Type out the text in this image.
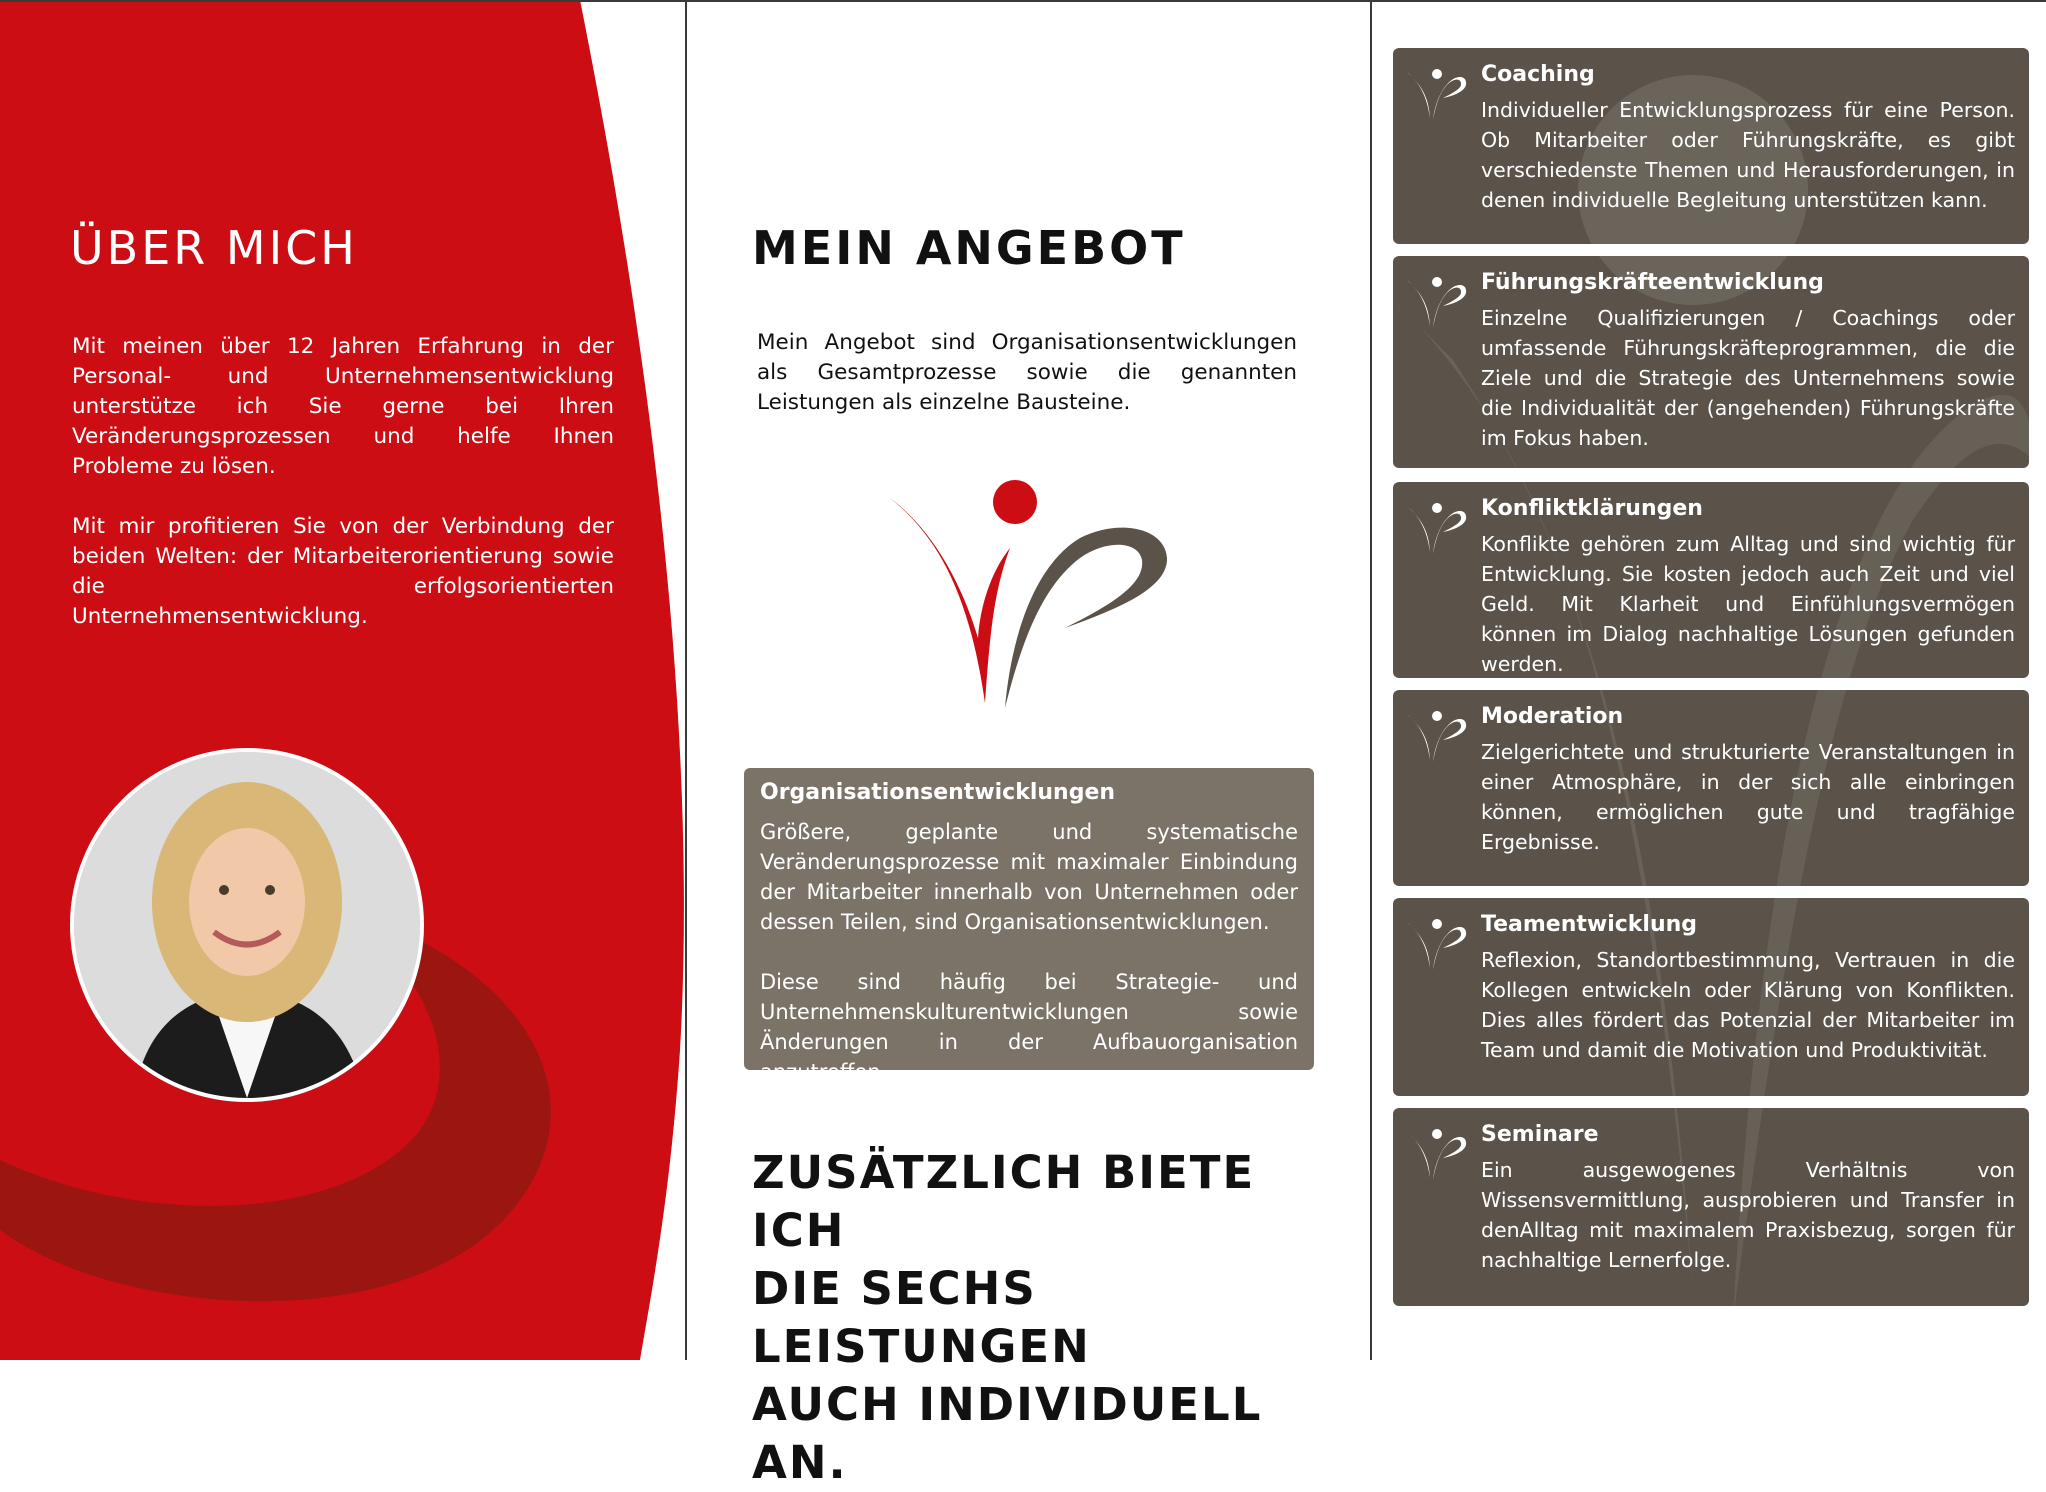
ÜBER MICH

Mit meinen über 12 Jahren Erfahrung in der Personal- und Unternehmensentwicklung unterstütze ich Sie gerne bei Ihren Veränderungsprozessen und helfe Ihnen Probleme zu lösen.

Mit mir profitieren Sie von der Verbindung der beiden Welten: der Mitarbeiterorientierung sowie die erfolgsorientierten Unternehmensentwicklung.

MEIN ANGEBOT
Mein Angebot sind Organisationsentwicklungen als Gesamtprozesse sowie die genannten Leistungen als einzelne Bausteine.
Organisationsentwicklungen

Größere, geplante und systematische Veränderungsprozesse mit maximaler Einbindung der Mitarbeiter innerhalb von Unternehmen oder dessen Teilen, sind Organisationsentwicklungen.

Diese sind häufig bei Strategie- und Unternehmenskulturentwicklungen sowie Änderungen in der Aufbauorganisation anzutreffen.

ZUSÄTZLICH BIETE ICH
DIE SECHS LEISTUNGEN
AUCH INDIVIDUELL AN.
Coaching

Individueller Entwicklungsprozess für eine Person. Ob Mitarbeiter oder Führungskräfte, es gibt verschiedenste Themen und Herausforderungen, in denen individuelle Begleitung unterstützen kann.

Führungskräfteentwicklung

Einzelne Qualifizierungen / Coachings oder umfassende Führungskräfteprogrammen, die die Ziele und die Strategie des Unternehmens sowie die Individualität der (angehenden) Führungskräfte im Fokus haben.

Konfliktklärungen

Konflikte gehören zum Alltag und sind wichtig für Entwicklung. Sie kosten jedoch auch Zeit und viel Geld. Mit Klarheit und Einfühlungsvermögen können im Dialog nachhaltige Lösungen gefunden werden.

Moderation

Zielgerichtete und strukturierte Veranstaltungen in einer Atmosphäre, in der sich alle einbringen können, ermöglichen gute und tragfähige Ergebnisse.

Teamentwicklung

Reflexion, Standortbestimmung, Vertrauen in die Kollegen entwickeln oder Klärung von Konflikten. Dies alles fördert das Potenzial der Mitarbeiter im Team und damit die Motivation und Produktivität.

Seminare

Ein ausgewogenes Verhältnis von Wissensvermittlung, ausprobieren und Transfer in denAlltag mit maximalem Praxisbezug, sorgen für nachhaltige Lernerfolge.
